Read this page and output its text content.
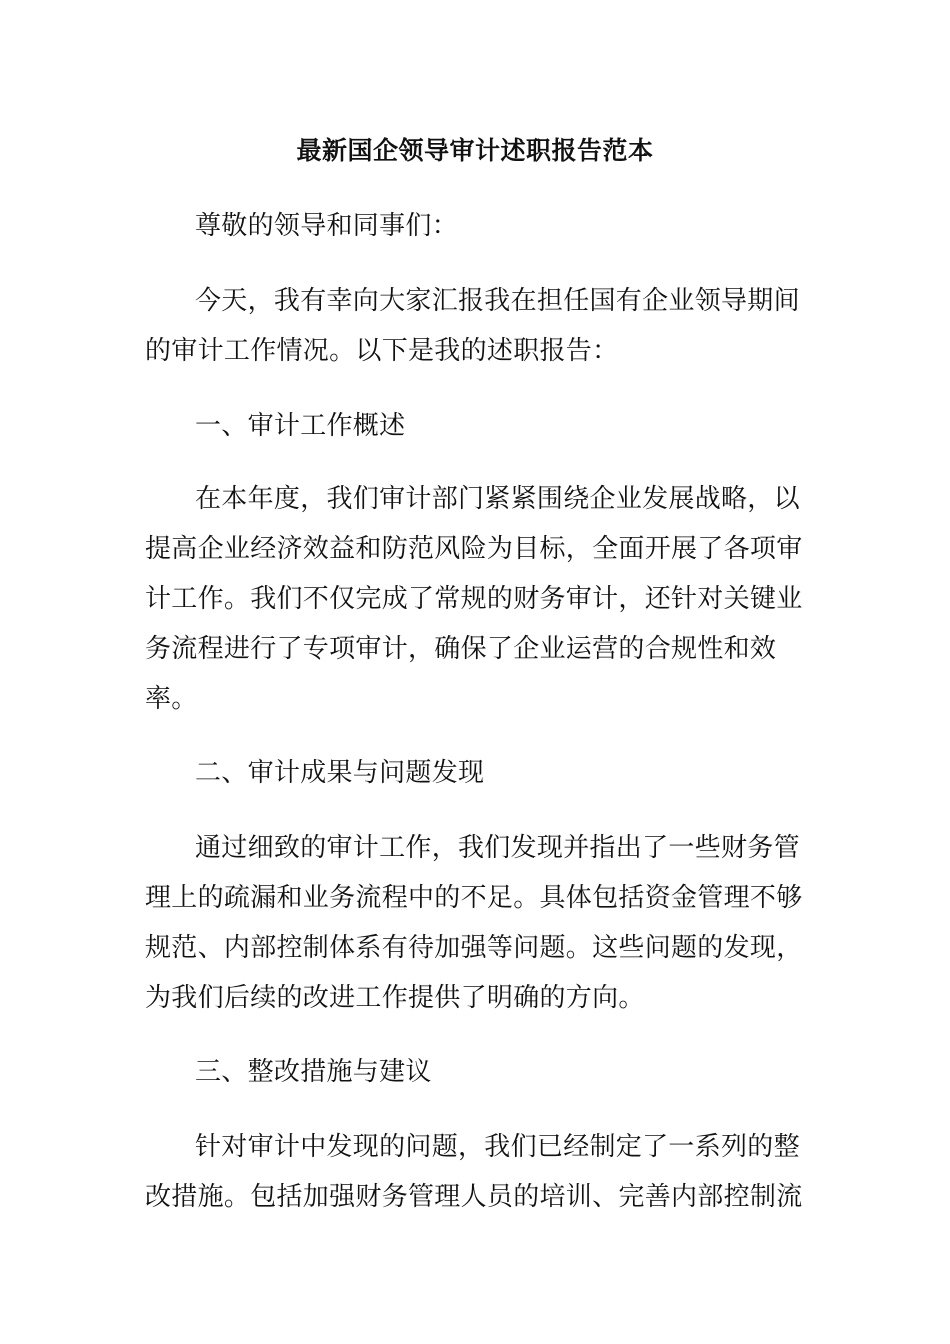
最新国企领导审计述职报告范本
尊敬的领导和同事们：
今天，我有幸向大家汇报我在担任国有企业领导期间
的审计工作情况。以下是我的述职报告：
一、审计工作概述
在本年度，我们审计部门紧紧围绕企业发展战略，以
提高企业经济效益和防范风险为目标，全面开展了各项审
计工作。我们不仅完成了常规的财务审计，还针对关键业
务流程进行了专项审计，确保了企业运营的合规性和效
率。
二、审计成果与问题发现
通过细致的审计工作，我们发现并指出了一些财务管
理上的疏漏和业务流程中的不足。具体包括资金管理不够
规范、内部控制体系有待加强等问题。这些问题的发现，
为我们后续的改进工作提供了明确的方向。
三、整改措施与建议
针对审计中发现的问题，我们已经制定了一系列的整
改措施。包括加强财务管理人员的培训、完善内部控制流
